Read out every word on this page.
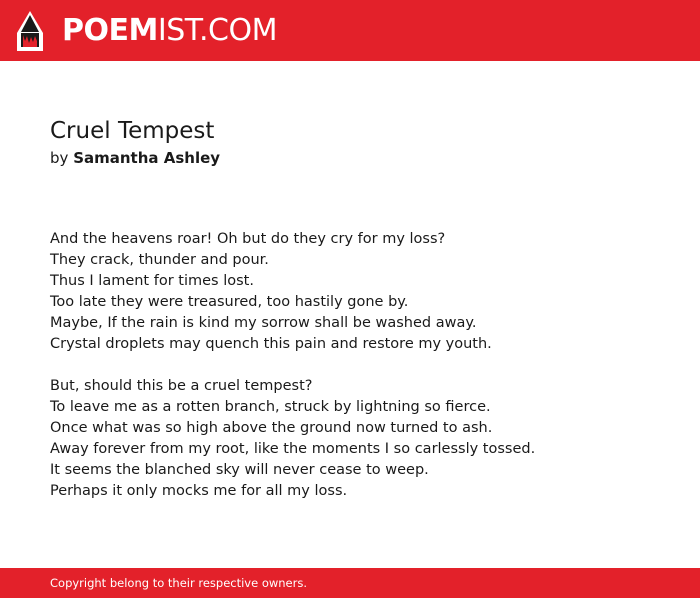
POEMIST.COM
Cruel Tempest
by Samantha Ashley

And the heavens roar! Oh but do they cry for my loss?
They crack, thunder and pour.
Thus I lament for times lost.
Too late they were treasured, too hastily gone by.
Maybe, If the rain is kind my sorrow shall be washed away.
Crystal droplets may quench this pain and restore my youth.

But, should this be a cruel tempest?
To leave me as a rotten branch, struck by lightning so fierce.
Once what was so high above the ground now turned to ash.
Away forever from my root, like the moments I so carlessly tossed.
It seems the blanched sky will never cease to weep.
Perhaps it only mocks me for all my loss.

Copyright belong to their respective owners.
